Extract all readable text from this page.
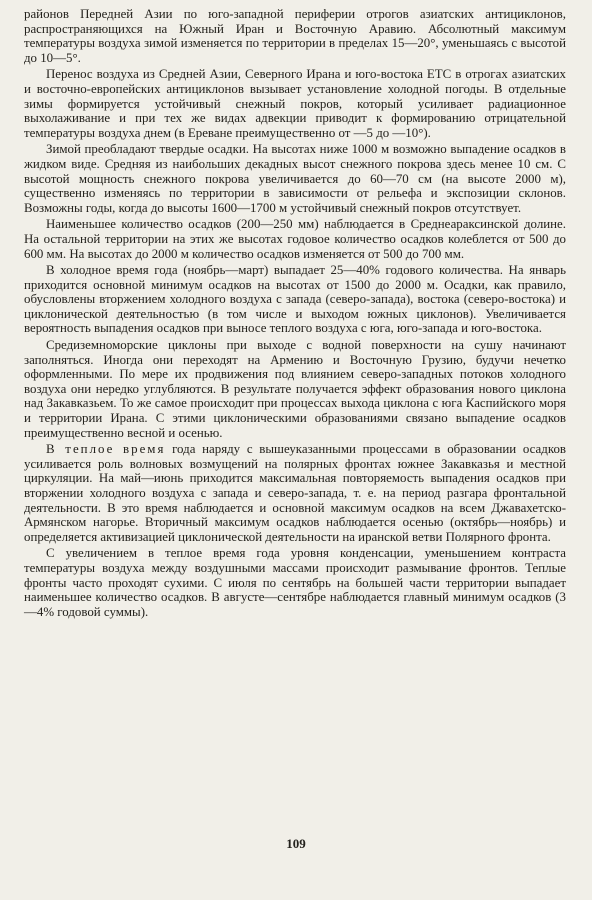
районов Передней Азии по юго-западной периферии отрогов азиатских антициклонов, распространяющихся на Южный Иран и Восточную Аравию. Абсолютный максимум температуры воздуха зимой изменяется по территории в пределах 15—20°, уменьшаясь с высотой до 10—5°.

Перенос воздуха из Средней Азии, Северного Ирана и юго-востока ЕТС в отрогах азиатских и восточно-европейских антициклонов вызывает установление холодной погоды. В отдельные зимы формируется устойчивый снежный покров, который усиливает радиационное выхолаживание и при тех же видах адвекции приводит к формированию отрицательной температуры воздуха днем (в Ереване преимущественно от —5 до —10°).

Зимой преобладают твердые осадки. На высотах ниже 1000 м возможно выпадение осадков в жидком виде. Средняя из наибольших декадных высот снежного покрова здесь менее 10 см. С высотой мощность снежного покрова увеличивается до 60—70 см (на высоте 2000 м), существенно изменяясь по территории в зависимости от рельефа и экспозиции склонов. Возможны годы, когда до высоты 1600—1700 м устойчивый снежный покров отсутствует.

Наименьшее количество осадков (200—250 мм) наблюдается в Среднеараксинской долине. На остальной территории на этих же высотах годовое количество осадков колеблется от 500 до 600 мм. На высотах до 2000 м количество осадков изменяется от 500 до 700 мм.

В холодное время года (ноябрь—март) выпадает 25—40% годового количества. На январь приходится основной минимум осадков на высотах от 1500 до 2000 м. Осадки, как правило, обусловлены вторжением холодного воздуха с запада (северо-запада), востока (северо-востока) и циклонической деятельностью (в том числе и выходом южных циклонов). Увеличивается вероятность выпадения осадков при выносе теплого воздуха с юга, юго-запада и юго-востока.

Средиземноморские циклоны при выходе с водной поверхности на сушу начинают заполняться. Иногда они переходят на Армению и Восточную Грузию, будучи нечетко оформленными. По мере их продвижения под влиянием северо-западных потоков холодного воздуха они нередко углубляются. В результате получается эффект образования нового циклона над Закавказьем. То же самое происходит при процессах выхода циклона с юга Каспийского моря и территории Ирана. С этими циклоническими образованиями связано выпадение осадков преимущественно весной и осенью.

В теплое время года наряду с вышеуказанными процессами в образовании осадков усиливается роль волновых возмущений на полярных фронтах южнее Закавказья и местной циркуляции. На май—июнь приходится максимальная повторяемость выпадения осадков при вторжении холодного воздуха с запада и северо-запада, т. е. на период разгара фронтальной деятельности. В это время наблюдается и основной максимум осадков на всем Джавахетско-Армянском нагорье. Вторичный максимум осадков наблюдается осенью (октябрь—ноябрь) и определяется активизацией циклонической деятельности на иранской ветви Полярного фронта.

С увеличением в теплое время года уровня конденсации, уменьшением контраста температуры воздуха между воздушными массами происходит размывание фронтов. Теплые фронты часто проходят сухими. С июля по сентябрь на большей части территории выпадает наименьшее количество осадков. В августе—сентябре наблюдается главный минимум осадков (3—4% годовой суммы).

109
